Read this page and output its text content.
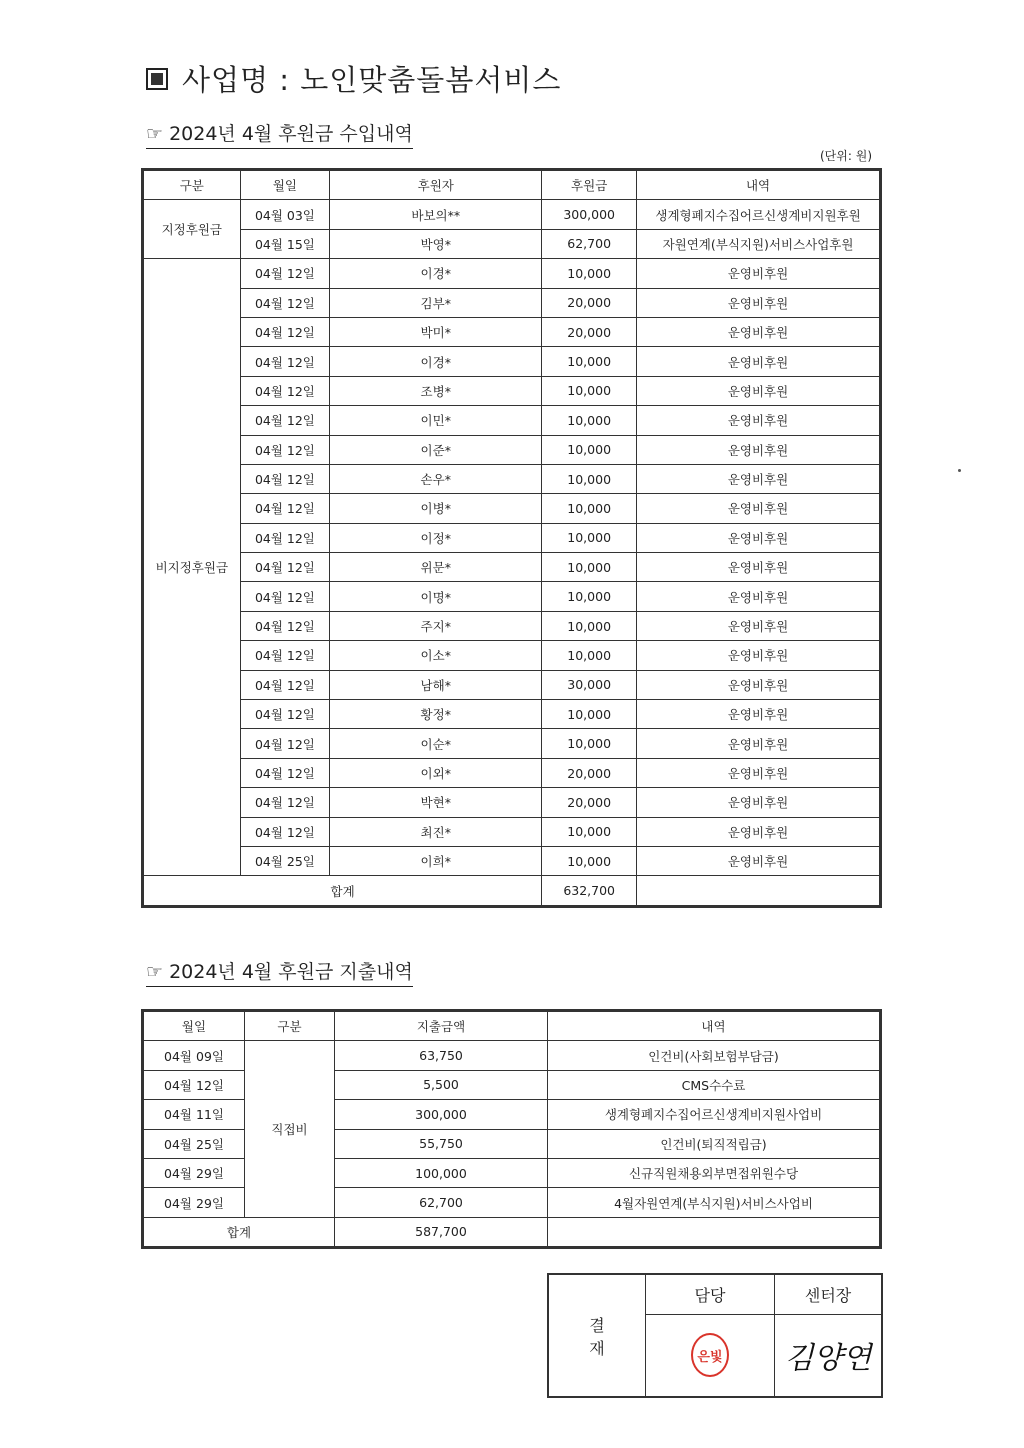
사업명 : 노인맞춤돌봄서비스
☞ 2024년 4월 후원금 수입내역
(단위: 원)
구분	월일	후원자	후원금	내역
지정후원금	04월 03일	바보의**	300,000	생계형폐지수집어르신생계비지원후원
	04월 15일	박영*	62,700	자원연계(부식지원)서비스사업후원
비지정후원금	04월 12일	이경*	10,000	운영비후원
	04월 12일	김부*	20,000	운영비후원
	04월 12일	박미*	20,000	운영비후원
	04월 12일	이경*	10,000	운영비후원
	04월 12일	조병*	10,000	운영비후원
	04월 12일	이민*	10,000	운영비후원
	04월 12일	이준*	10,000	운영비후원
	04월 12일	손우*	10,000	운영비후원
	04월 12일	이병*	10,000	운영비후원
	04월 12일	이정*	10,000	운영비후원
	04월 12일	위문*	10,000	운영비후원
	04월 12일	이명*	10,000	운영비후원
	04월 12일	주지*	10,000	운영비후원
	04월 12일	이소*	10,000	운영비후원
	04월 12일	남해*	30,000	운영비후원
	04월 12일	황정*	10,000	운영비후원
	04월 12일	이순*	10,000	운영비후원
	04월 12일	이외*	20,000	운영비후원
	04월 12일	박현*	20,000	운영비후원
	04월 12일	최진*	10,000	운영비후원
	04월 25일	이희*	10,000	운영비후원
합계			632,700	
☞ 2024년 4월 후원금 지출내역
월일	구분	지출금액	내역
04월 09일	직접비	63,750	인건비(사회보험부담금)
04월 12일		5,500	CMS수수료
04월 11일		300,000	생계형폐지수집어르신생계비지원사업비
04월 25일		55,750	인건비(퇴직적립금)
04월 29일		100,000	신규직원채용외부면접위원수당
04월 29일		62,700	4월자원연계(부식지원)서비스사업비
합계		587,700	
결
재	담당	센터장

은빛	김양연
